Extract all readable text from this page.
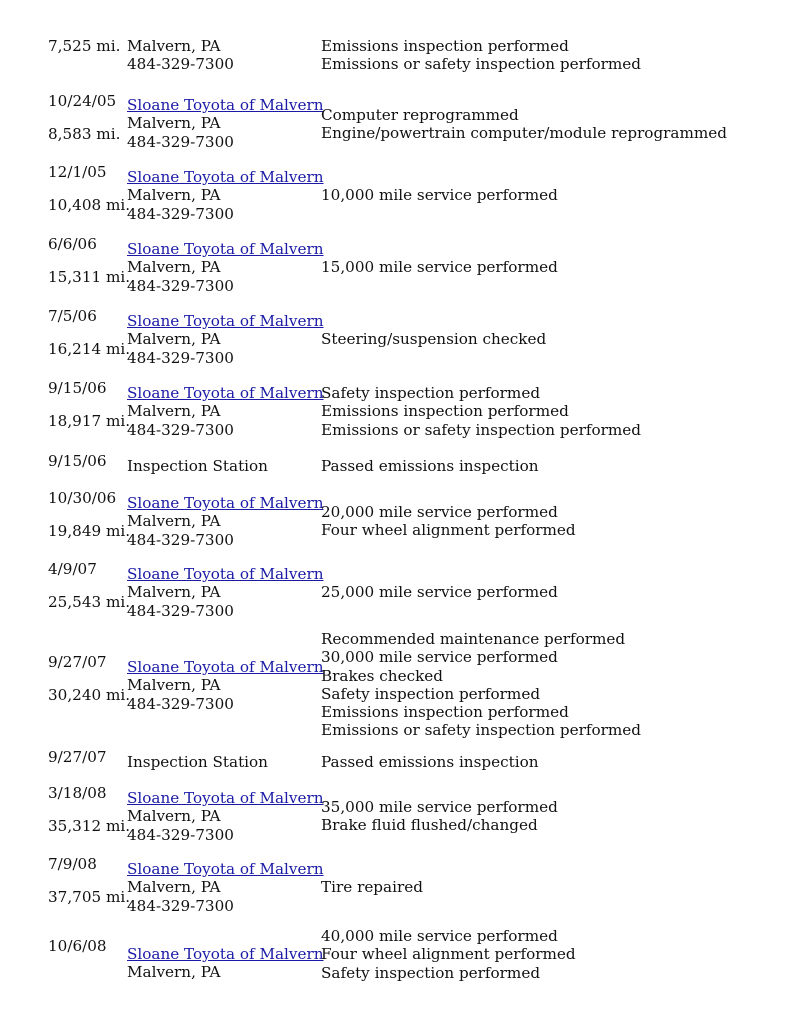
7,525 mi. Malvern, PA
484-329-7300
Emissions inspection performed
Emissions or safety inspection performed
10/24/05
8,583 mi.
Sloane Toyota of Malvern
Malvern, PA
484-329-7300
Computer reprogrammed
Engine/powertrain computer/module reprogrammed
12/1/05
10,408 mi.
Sloane Toyota of Malvern
Malvern, PA
484-329-7300
10,000 mile service performed
6/6/06
15,311 mi.
Sloane Toyota of Malvern
Malvern, PA
484-329-7300
15,000 mile service performed
7/5/06
16,214 mi.
Sloane Toyota of Malvern
Malvern, PA
484-329-7300
Steering/suspension checked
9/15/06
18,917 mi.
Sloane Toyota of Malvern
Malvern, PA
484-329-7300
Safety inspection performed
Emissions inspection performed
Emissions or safety inspection performed
9/15/06 Inspection Station	Passed emissions inspection
10/30/06
19,849 mi.
Sloane Toyota of Malvern
Malvern, PA
484-329-7300
20,000 mile service performed
Four wheel alignment performed
4/9/07
25,543 mi.
Sloane Toyota of Malvern
Malvern, PA
484-329-7300
25,000 mile service performed
9/27/07
30,240 mi.
Sloane Toyota of Malvern
Malvern, PA
484-329-7300
Recommended maintenance performed
30,000 mile service performed
Brakes checked
Safety inspection performed
Emissions inspection performed
Emissions or safety inspection performed
9/27/07 Inspection Station	Passed emissions inspection
3/18/08
35,312 mi.
Sloane Toyota of Malvern
Malvern, PA
484-329-7300
35,000 mile service performed
Brake fluid flushed/changed
7/9/08
37,705 mi.
Sloane Toyota of Malvern
Malvern, PA
484-329-7300
Tire repaired
10/6/08 Sloane Toyota of Malvern
Malvern, PA
40,000 mile service performed
Four wheel alignment performed
Safety inspection performed
